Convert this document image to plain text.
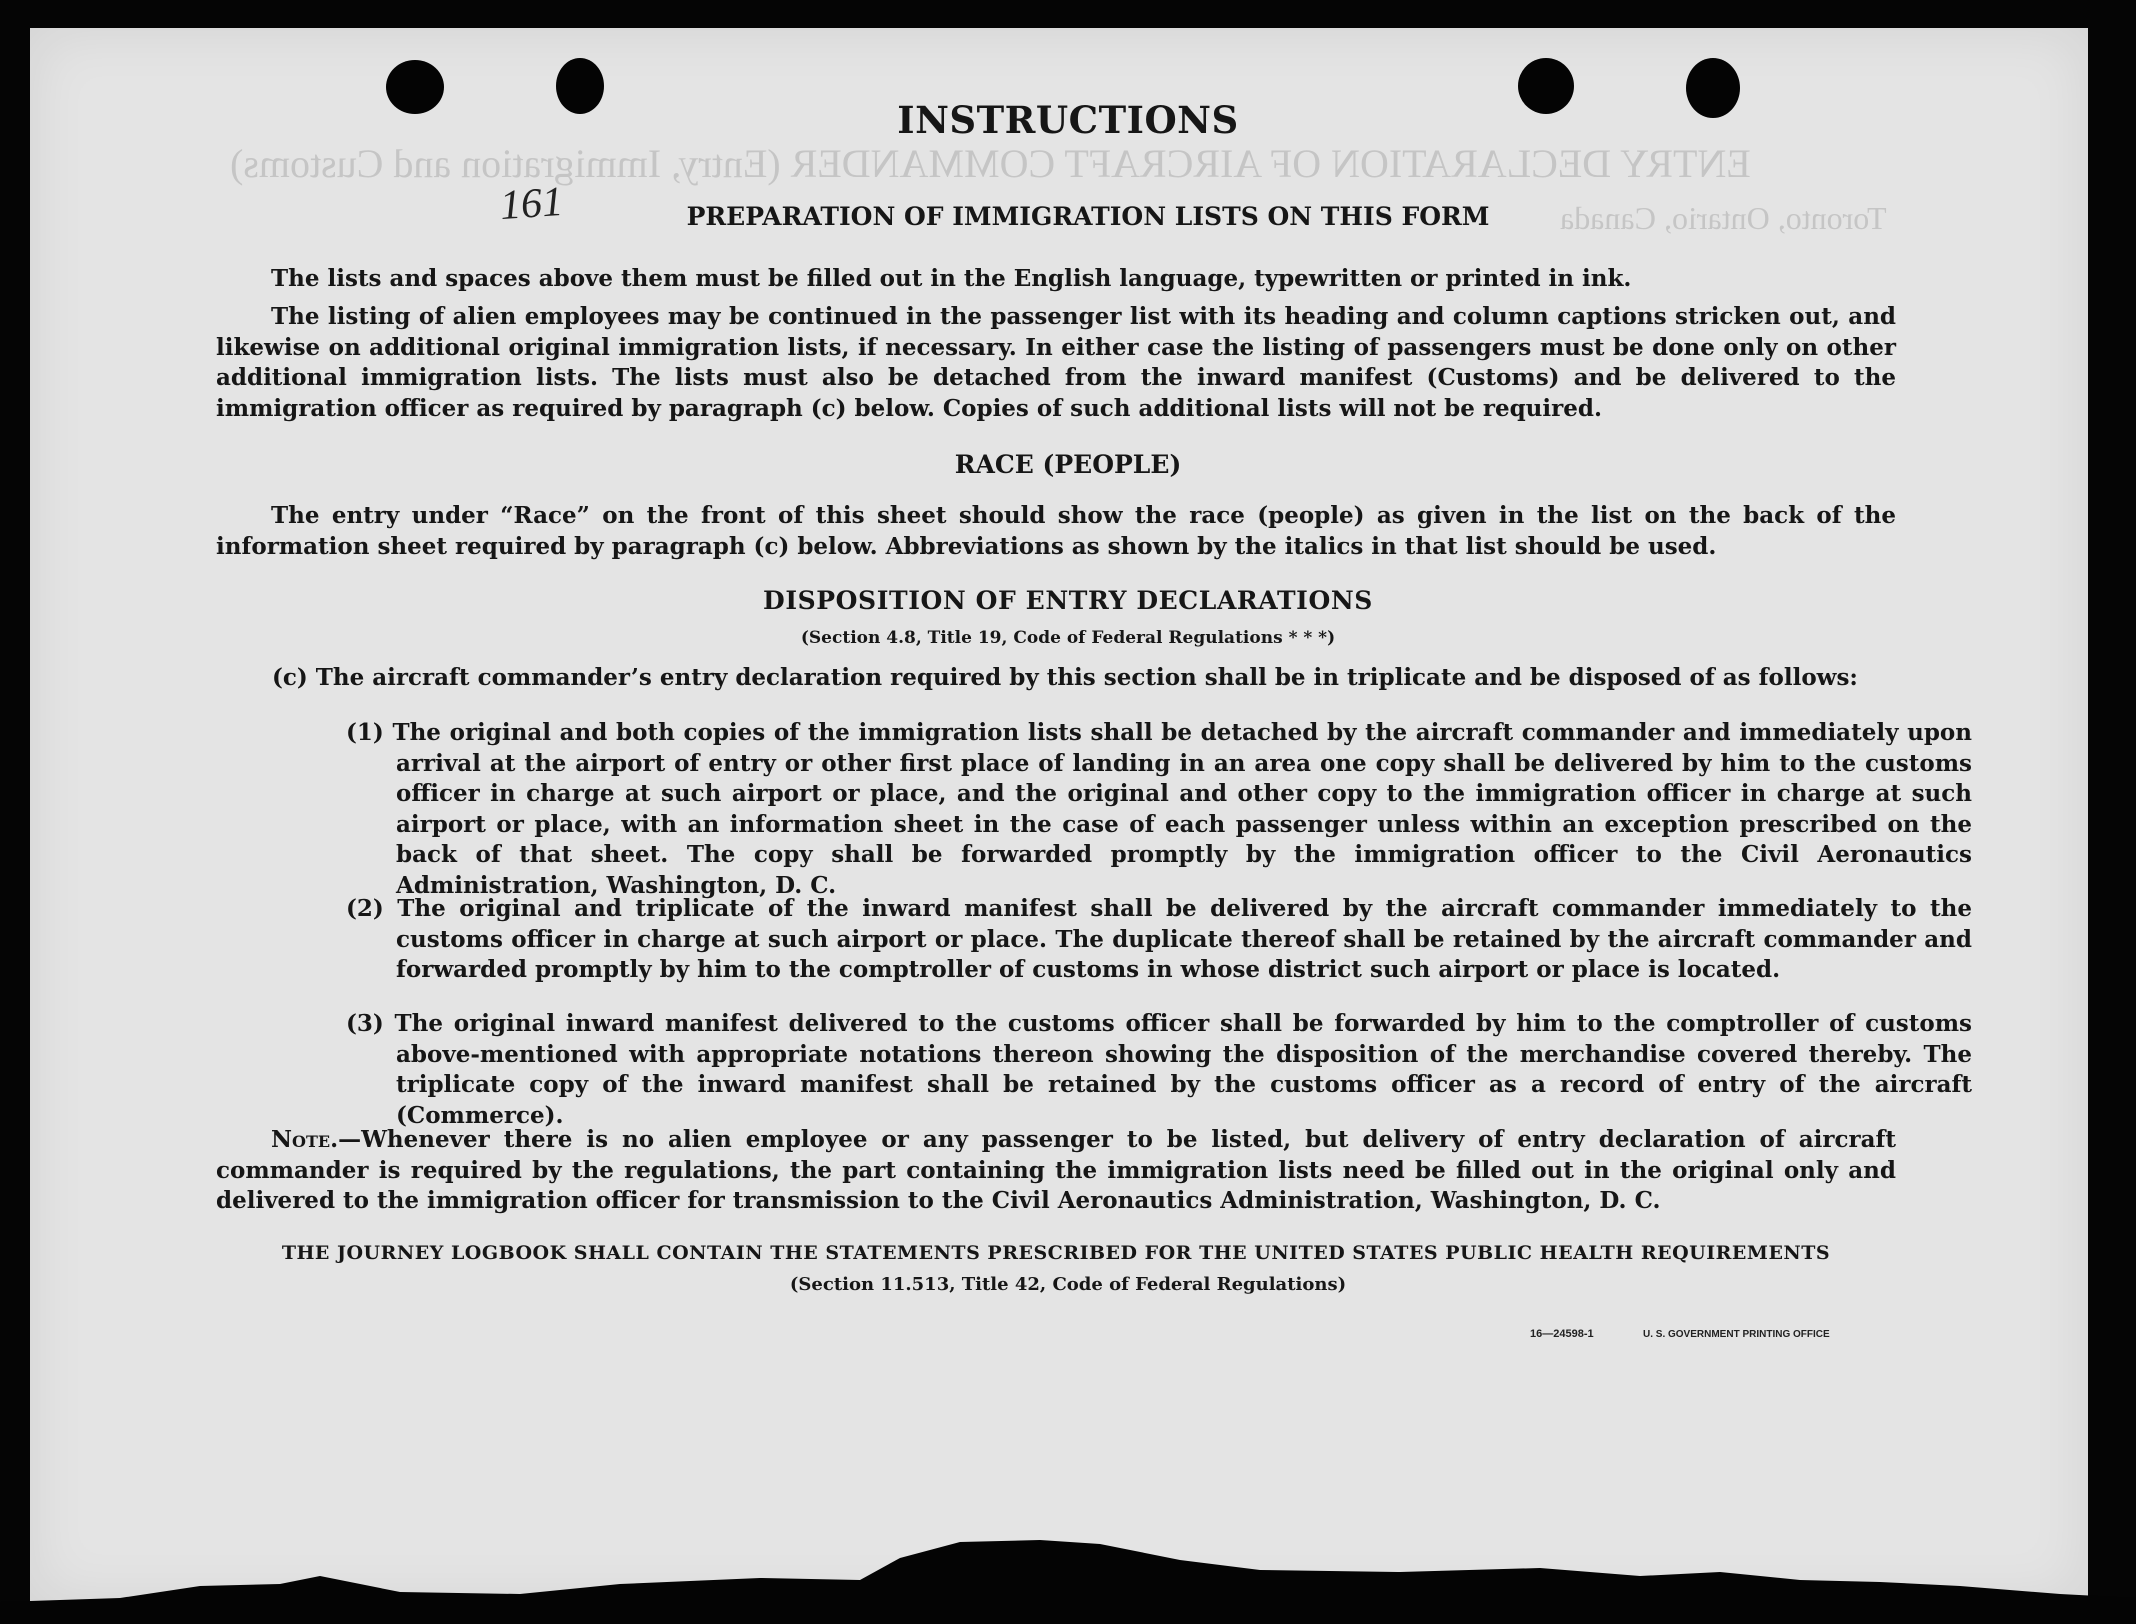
ENTRY DECLARATION OF AIRCRAFT COMMANDER (Entry, Immigration and Customs)
Toronto, Ontario, Canada
161
INSTRUCTIONS
PREPARATION OF IMMIGRATION LISTS ON THIS FORM
The lists and spaces above them must be filled out in the English language, typewritten or printed in ink.
The listing of alien employees may be continued in the passenger list with its heading and column captions stricken out, and likewise on additional original immigration lists, if necessary. In either case the listing of passengers must be done only on other additional immigration lists. The lists must also be detached from the inward manifest (Customs) and be delivered to the immigration officer as required by paragraph (c) below. Copies of such additional lists will not be required.
RACE (PEOPLE)
The entry under “Race” on the front of this sheet should show the race (people) as given in the list on the back of the information sheet required by paragraph (c) below. Abbreviations as shown by the italics in that list should be used.
DISPOSITION OF ENTRY DECLARATIONS
(Section 4.8, Title 19, Code of Federal Regulations * * *)
(c) The aircraft commander’s entry declaration required by this section shall be in triplicate and be disposed of as follows:
(1) The original and both copies of the immigration lists shall be detached by the aircraft commander and immediately upon arrival at the airport of entry or other first place of landing in an area one copy shall be delivered by him to the customs officer in charge at such airport or place, and the original and other copy to the immigration officer in charge at such airport or place, with an information sheet in the case of each passenger unless within an exception prescribed on the back of that sheet. The copy shall be forwarded promptly by the immigration officer to the Civil Aeronautics Administration, Washington, D. C.
(2) The original and triplicate of the inward manifest shall be delivered by the aircraft commander immediately to the customs officer in charge at such airport or place. The duplicate thereof shall be retained by the aircraft commander and forwarded promptly by him to the comptroller of customs in whose district such airport or place is located.
(3) The original inward manifest delivered to the customs officer shall be forwarded by him to the comptroller of customs above-mentioned with appropriate notations thereon showing the disposition of the merchandise covered thereby. The triplicate copy of the inward manifest shall be retained by the customs officer as a record of entry of the aircraft (Commerce).
Note.—Whenever there is no alien employee or any passenger to be listed, but delivery of entry declaration of aircraft commander is required by the regulations, the part containing the immigration lists need be filled out in the original only and delivered to the immigration officer for transmission to the Civil Aeronautics Administration, Washington, D. C.
THE JOURNEY LOGBOOK SHALL CONTAIN THE STATEMENTS PRESCRIBED FOR THE UNITED STATES PUBLIC HEALTH REQUIREMENTS
(Section 11.513, Title 42, Code of Federal Regulations)
16—24598-1	U. S. GOVERNMENT PRINTING OFFICE
